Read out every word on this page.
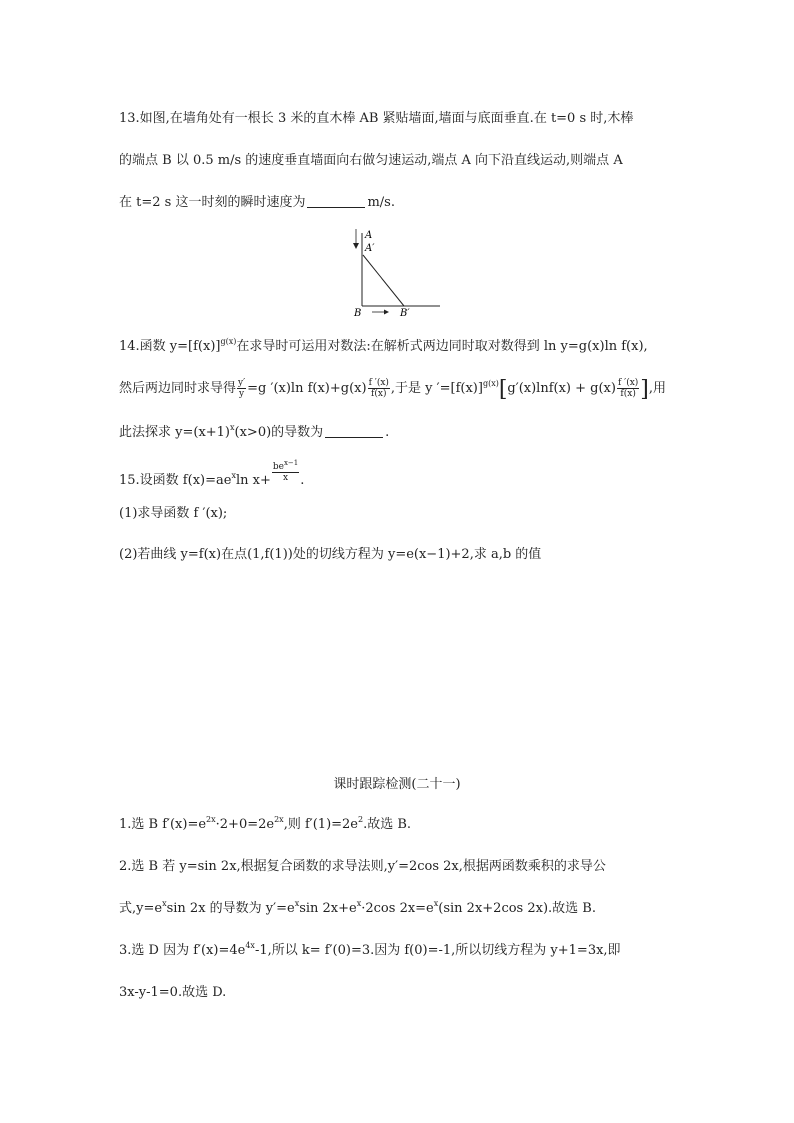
13.如图,在墙角处有一根长 3 米的直木棒 AB 紧贴墙面,墙面与底面垂直.在 t=0 s 时,木棒
的端点 B 以 0.5 m/s 的速度垂直墙面向右做匀速运动,端点 A 向下沿直线运动,则端点 A
在 t=2 s 这一时刻的瞬时速度为	m/s.
A
A′
B	B′
14.函数 $y=[f(x)]^{g(x)}$在求导时可运用对数法:在解析式两边同时取对数得到 ln y=g(x)ln f(x),
然后两边同时求导得 $\frac{y'}{y} =g$ ′(x)ln $f(x)+g(x) \frac{f '(x)}{f(x)}$ ,于是 y $'=[f(x)]^{g(x)}[g'(x)\ln f(x) + g(x) \frac{f '(x)}{f(x)}$ ],用
此法探求 $y=(x+1)^x(x>0)$的导数为	.
15.设函数 $f(x)=ae^x\ln$ $x+ \frac{be^{x-1}}{x}$ .
(1)求导函数 f ′(x);
(2)若曲线 y=f(x)在点(1,f(1))处的切线方程为 y=e(x−1)+2,求 a,b 的值
课时跟踪检测(二十一)
1.选 B $f'(x)=e^{2x}\cdot 2+0=2e^{2x}$,则 $f'(1)=2e^2$.故选 B.
2.选 B 若 y=sin 2x,根据复合函数的求导法则,y′=2cos 2x,根据两函数乘积的求导公
式$,y=e^x\sin$ 2x 的导数为 $y'=e^x\sin$ $2x+e^x\cdot 2\cos$ $2x=e^x(\sin$ 2x+2cos 2x).故选 B.
3.选 D 因为 $f'(x)=4e^{4x}-1$,所以 k= f′(0)=3.因为 f(0)=-1,所以切线方程为 y+1=3x,即
3x-y-1=0.故选 D.
